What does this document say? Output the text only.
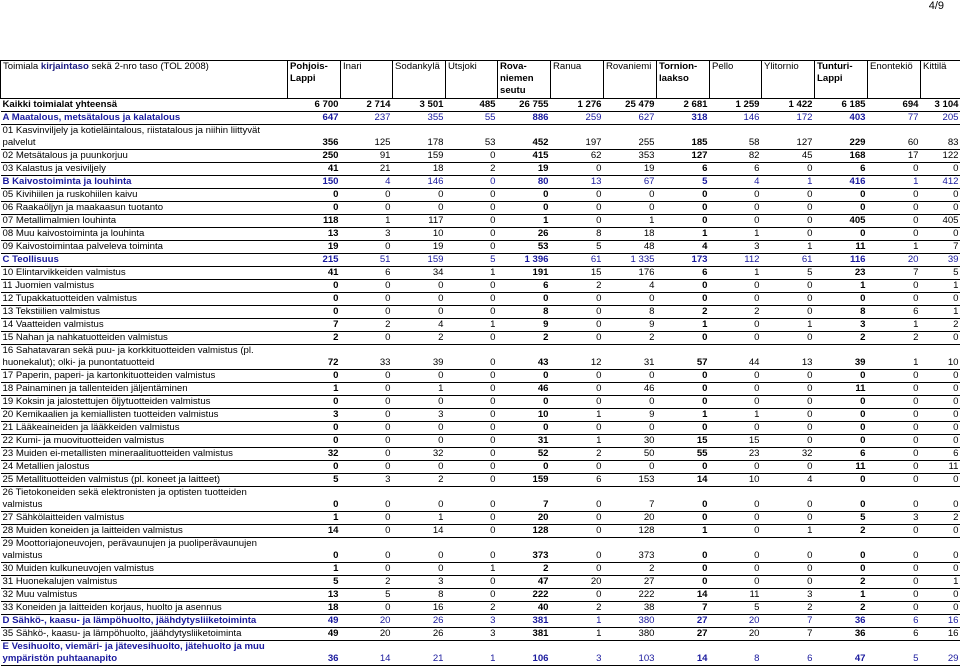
4/9
Toimiala kirjaintaso sekä 2-nro taso (TOL 2008)	Pohjois-Lappi	Inari	Sodankylä	Utsjoki	Rova-niemen seutu	Ranua	Rovaniemi	Tornion-laakso	Pello	Ylitornio	Tunturi-Lappi	Enontekiö	Kittilä
Kaikki toimialat yhteensä	6 700	2 714	3 501	485	26 755	1 276	25 479	2 681	1 259	1 422	6 185	694	3 104
A Maatalous, metsätalous ja kalatalous	647	237	355	55	886	259	627	318	146	172	403	77	205
01 Kasvinviljely ja kotieläintalous, riistatalous ja niihin liittyvät palvelut	356	125	178	53	452	197	255	185	58	127	229	60	83
02 Metsätalous ja puunkorjuu	250	91	159	0	415	62	353	127	82	45	168	17	122
03 Kalastus ja vesiviljely	41	21	18	2	19	0	19	6	6	0	6	0	0
B Kaivostoiminta ja louhinta	150	4	146	0	80	13	67	5	4	1	416	1	412
05 Kivihiilen ja ruskohiilen kaivu	0	0	0	0	0	0	0	0	0	0	0	0	0
06 Raakaöljyn ja maakaasun tuotanto	0	0	0	0	0	0	0	0	0	0	0	0	0
07 Metallimalmien louhinta	118	1	117	0	1	0	1	0	0	0	405	0	405
08 Muu kaivostoiminta ja louhinta	13	3	10	0	26	8	18	1	1	0	0	0	0
09 Kaivostoimintaa palveleva toiminta	19	0	19	0	53	5	48	4	3	1	11	1	7
C Teollisuus	215	51	159	5	1 396	61	1 335	173	112	61	116	20	39
10 Elintarvikkeiden valmistus	41	6	34	1	191	15	176	6	1	5	23	7	5
11 Juomien valmistus	0	0	0	0	6	2	4	0	0	0	1	0	1
12 Tupakkatuotteiden valmistus	0	0	0	0	0	0	0	0	0	0	0	0	0
13 Tekstiilien valmistus	0	0	0	0	8	0	8	2	2	0	8	6	1
14 Vaatteiden valmistus	7	2	4	1	9	0	9	1	0	1	3	1	2
15 Nahan ja nahkatuotteiden valmistus	2	0	2	0	2	0	2	0	0	0	2	2	0
16 Sahatavaran sekä puu- ja korkkituotteiden valmistus (pl. huonekalut); olki- ja punontatuotteid	72	33	39	0	43	12	31	57	44	13	39	1	10
17 Paperin, paperi- ja kartonkituotteiden valmistus	0	0	0	0	0	0	0	0	0	0	0	0	0
18 Painaminen ja tallenteiden jäljentäminen	1	0	1	0	46	0	46	0	0	0	11	0	0
19 Koksin ja jalostettujen öljytuotteiden valmistus	0	0	0	0	0	0	0	0	0	0	0	0	0
20 Kemikaalien ja kemiallisten tuotteiden valmistus	3	0	3	0	10	1	9	1	1	0	0	0	0
21 Lääkeaineiden ja lääkkeiden valmistus	0	0	0	0	0	0	0	0	0	0	0	0	0
22 Kumi- ja muovituotteiden valmistus	0	0	0	0	31	1	30	15	15	0	0	0	0
23 Muiden ei-metallisten mineraalituotteiden valmistus	32	0	32	0	52	2	50	55	23	32	6	0	6
24 Metallien jalostus	0	0	0	0	0	0	0	0	0	0	11	0	11
25 Metallituotteiden valmistus (pl. koneet ja laitteet)	5	3	2	0	159	6	153	14	10	4	0	0	0
26 Tietokoneiden sekä elektronisten ja optisten tuotteiden valmistus	0	0	0	0	7	0	7	0	0	0	0	0	0
27 Sähkölaitteiden valmistus	1	0	1	0	20	0	20	0	0	0	5	3	2
28 Muiden koneiden ja laitteiden valmistus	14	0	14	0	128	0	128	1	0	1	2	0	0
29 Moottoriajoneuvojen, perävaunujen ja puoliperävaunujen valmistus	0	0	0	0	373	0	373	0	0	0	0	0	0
30 Muiden kulkuneuvojen valmistus	1	0	0	1	2	0	2	0	0	0	0	0	0
31 Huonekalujen valmistus	5	2	3	0	47	20	27	0	0	0	2	0	1
32 Muu valmistus	13	5	8	0	222	0	222	14	11	3	1	0	0
33 Koneiden ja laitteiden korjaus, huolto ja asennus	18	0	16	2	40	2	38	7	5	2	2	0	0
D Sähkö-, kaasu- ja lämpöhuolto, jäähdytysliiketoiminta	49	20	26	3	381	1	380	27	20	7	36	6	16
35 Sähkö-, kaasu- ja lämpöhuolto, jäähdytysliiketoiminta	49	20	26	3	381	1	380	27	20	7	36	6	16
E Vesihuolto, viemäri- ja jätevesihuolto, jätehuolto ja muu ympäristön puhtaanapito	36	14	21	1	106	3	103	14	8	6	47	5	29
